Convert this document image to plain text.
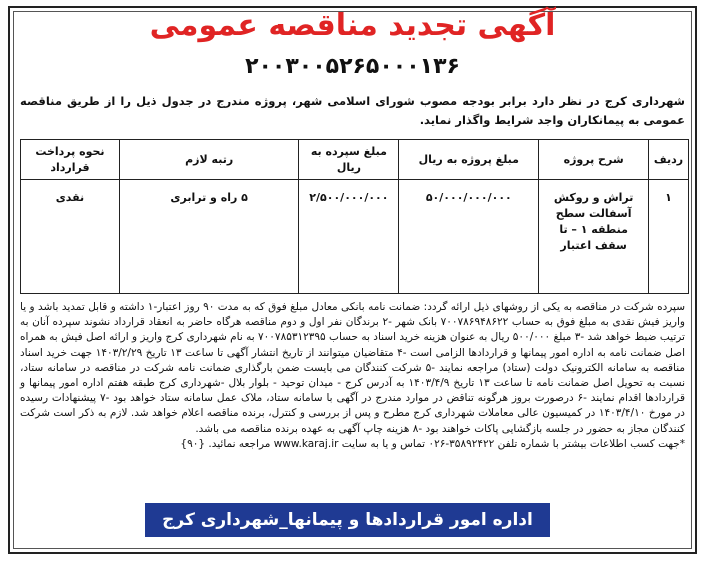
آگهی تجدید مناقصه عمومی
۲۰۰۳۰۰۵۲۶۵۰۰۰۱۳۶
شهرداری کرج در نظر دارد برابر بودجه مصوب شورای اسلامی شهر، پروژه مندرج در جدول ذیل را از طریق مناقصه عمومی به پیمانکاران واجد شرایط واگذار نماید.
ردیف	شرح پروژه	مبلغ پروژه به ریال	مبلغ سپرده به ریال	رتبه لازم	نحوه پرداخت قرارداد
۱	تراش و روکش آسفالت سطح منطقه ۱ – تا سقف اعتبار	۵۰/۰۰۰/۰۰۰/۰۰۰	۲/۵۰۰/۰۰۰/۰۰۰	۵ راه و ترابری	نقدی
سپرده شرکت در مناقصه به یکی از روشهای ذیل ارائه گردد: ضمانت نامه بانکی معادل مبلغ فوق که به مدت ۹۰ روز اعتبار-۱ داشته و قابل تمدید باشد و یا واریز فیش نقدی به مبلغ فوق به حساب ۷۰۰۷۸۶۹۴۸۶۲۲ بانک شهر -۲ برندگان نفر اول و دوم مناقصه هرگاه حاضر به انعقاد قرارداد نشوند سپرده آنان به ترتیب ضبط خواهد شد -۳ مبلغ ۵۰۰/۰۰۰ ریال به عنوان هزینه خرید اسناد به حساب ۷۰۰۷۸۵۳۱۲۳۹۵ به نام شهرداری کرج واریز و ارائه اصل فیش به همراه اصل ضمانت نامه به اداره امور پیمانها و قراردادها الزامی است -۴ متقاضیان میتوانند از تاریخ انتشار آگهی تا ساعت ۱۳ تاریخ ۱۴۰۳/۲/۲۹ جهت خرید اسناد مناقصه به سامانه الکترونیک دولت (ستاد) مراجعه نمایند -۵ شرکت کنندگان می بایست ضمن بارگذاری ضمانت نامه شرکت در مناقصه در سامانه ستاد، نسبت به تحویل اصل ضمانت نامه تا ساعت ۱۳ تاریخ ۱۴۰۳/۴/۹ به آدرس کرج - میدان توحید - بلوار بلال -شهرداری کرج طبقه هفتم اداره امور پیمانها و قراردادها اقدام نمایند -۶ درصورت بروز هرگونه تناقض در موارد مندرج در آگهی با سامانه ستاد، ملاک عمل سامانه ستاد خواهد بود -۷ پیشنهادات رسیده در مورخ ۱۴۰۳/۴/۱۰ در کمیسیون عالی معاملات شهرداری کرج مطرح و پس از بررسی و کنترل، برنده مناقصه اعلام خواهد شد. لازم به ذکر است شرکت کنندگان مجاز به حضور در جلسه بازگشایی پاکات خواهند بود -۸ هزینه چاپ آگهی به عهده برنده مناقصه می باشد.
*جهت کسب اطلاعات بیشتر با شماره تلفن ۳۵۸۹۲۴۲۲-۰۲۶ تماس و یا به سایت www.karaj.ir مراجعه نمائید. {۹۰}
اداره امور قراردادها و پیمانها_شهرداری کرج
